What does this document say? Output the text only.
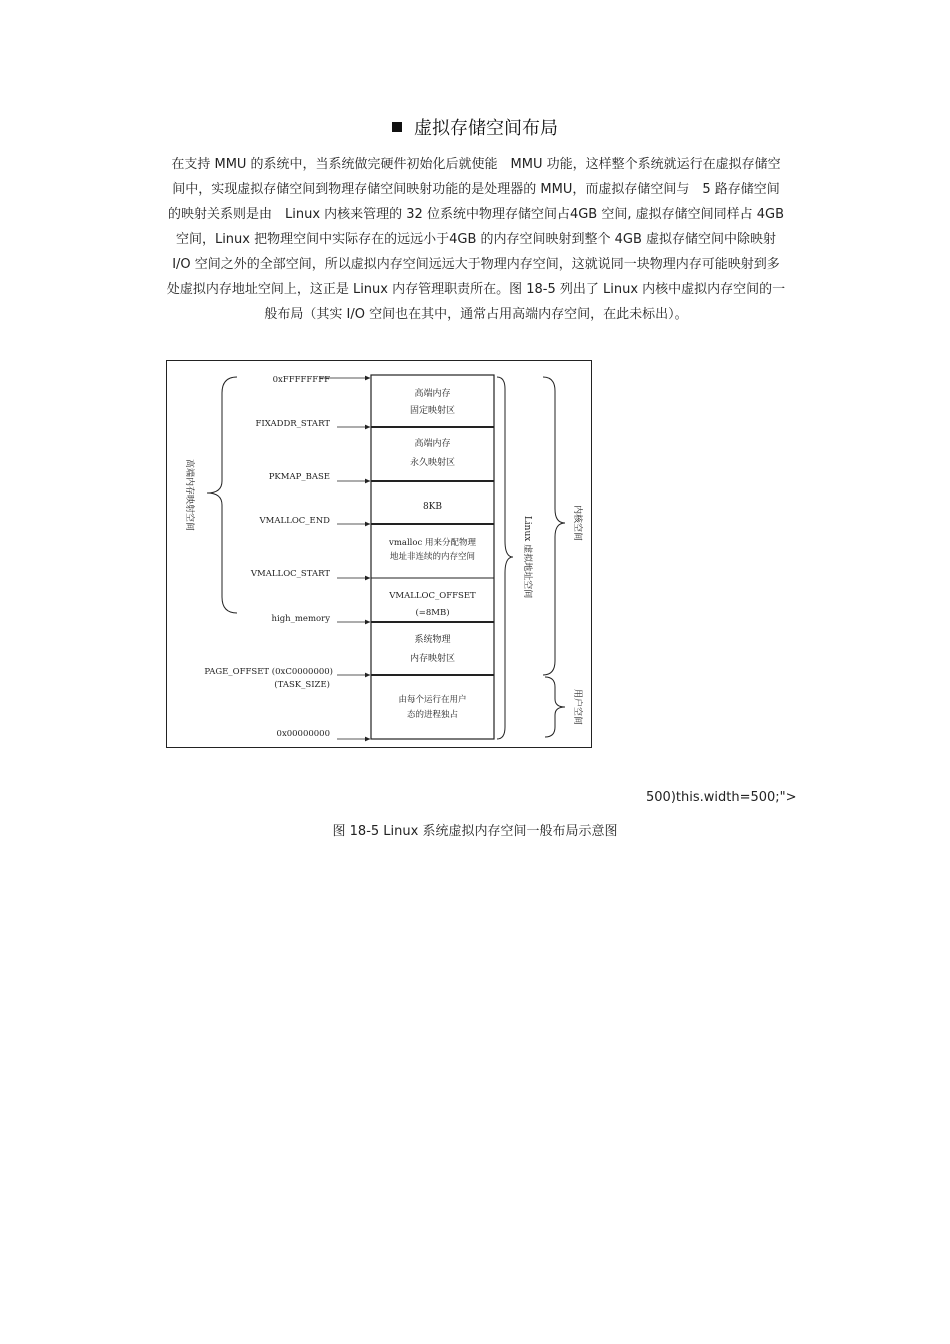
虚拟存储空间布局
在支持 MMU 的系统中，当系统做完硬件初始化后就使能　MMU 功能，这样整个系统就运行在虚拟存储空
间中，实现虚拟存储空间到物理存储空间映射功能的是处理器的 MMU，而虚拟存储空间与　5 路存储空间
的映射关系则是由　Linux 内核来管理的 32 位系统中物理存储空间占4GB 空间, 虚拟存储空间同样占 4GB
空间，Linux 把物理空间中实际存在的远远小于4GB 的内存空间映射到整个 4GB 虚拟存储空间中除映射
I/O 空间之外的全部空间，所以虚拟内存空间远远大于物理内存空间，这就说同一块物理内存可能映射到多
处虚拟内存地址空间上，这正是 Linux 内存管理职责所在。图 18-5 列出了 Linux 内核中虚拟内存空间的一
般布局（其实 I/O 空间也在其中，通常占用高端内存空间，在此未标出）。
高端内存
固定映射区
高端内存
永久映射区
8KB
vmalloc 用来分配物理
地址非连续的内存空间
VMALLOC_OFFSET
(=8MB)
系统物理
内存映射区
由每个运行在用户
态的进程独占
0xFFFFFFFF
FIXADDR_START
PKMAP_BASE
VMALLOC_END
VMALLOC_START
high_memory
PAGE_OFFSET (0xC0000000)
(TASK_SIZE)
0x00000000
高端内存映射空间
Linux 虚拟地址空间	内核空间
用户空间
500)this.width=500;">
图 18-5 Linux 系统虚拟内存空间一般布局示意图
